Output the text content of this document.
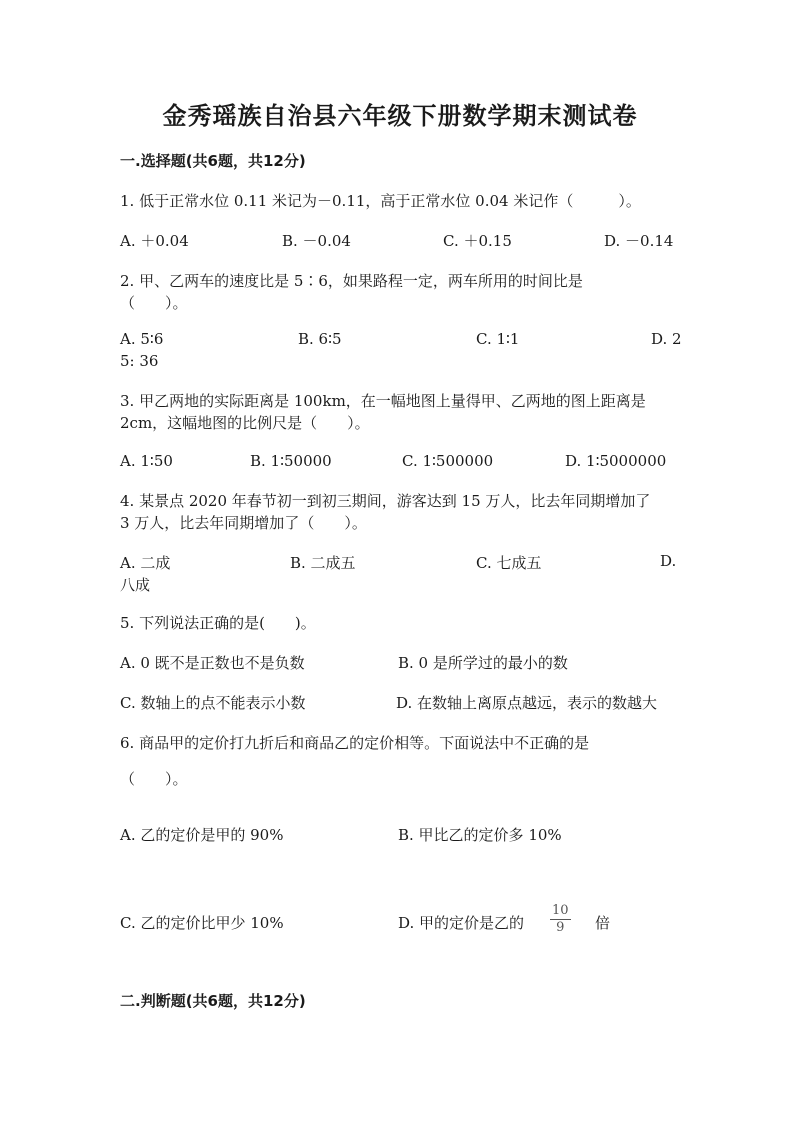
金秀瑶族自治县六年级下册数学期末测试卷
一.选择题(共6题，共12分)
1. 低于正常水位 0.11 米记为－0.11，高于正常水位 0.04 米记作（　　　）。
A. ＋0.04	B. －0.04	C. ＋0.15	D. －0.14
2. 甲、乙两车的速度比是 5∶6，如果路程一定，两车所用的时间比是
（　　）。
A. 5∶6	B. 6∶5	C. 1∶1	D. 2
5: 36
3. 甲乙两地的实际距离是 100km，在一幅地图上量得甲、乙两地的图上距离是
2cm，这幅地图的比例尺是（　　）。
A. 1∶50	B. 1∶50000	C. 1∶500000	D. 1∶5000000
4. 某景点 2020 年春节初一到初三期间，游客达到 15 万人，比去年同期增加了
3 万人，比去年同期增加了（　　）。
A. 二成	B. 二成五	C. 七成五	D.
八成
5. 下列说法正确的是(　　)。
A. 0 既不是正数也不是负数	B. 0 是所学过的最小的数
C. 数轴上的点不能表示小数	D. 在数轴上离原点越远，表示的数越大
6. 商品甲的定价打九折后和商品乙的定价相等。下面说法中不正确的是
（　　）。
A. 乙的定价是甲的 90%	B. 甲比乙的定价多 10%
C. 乙的定价比甲少 10%	D. 甲的定价是乙的 $\frac{10}{9}$ 倍
二.判断题(共6题，共12分)
